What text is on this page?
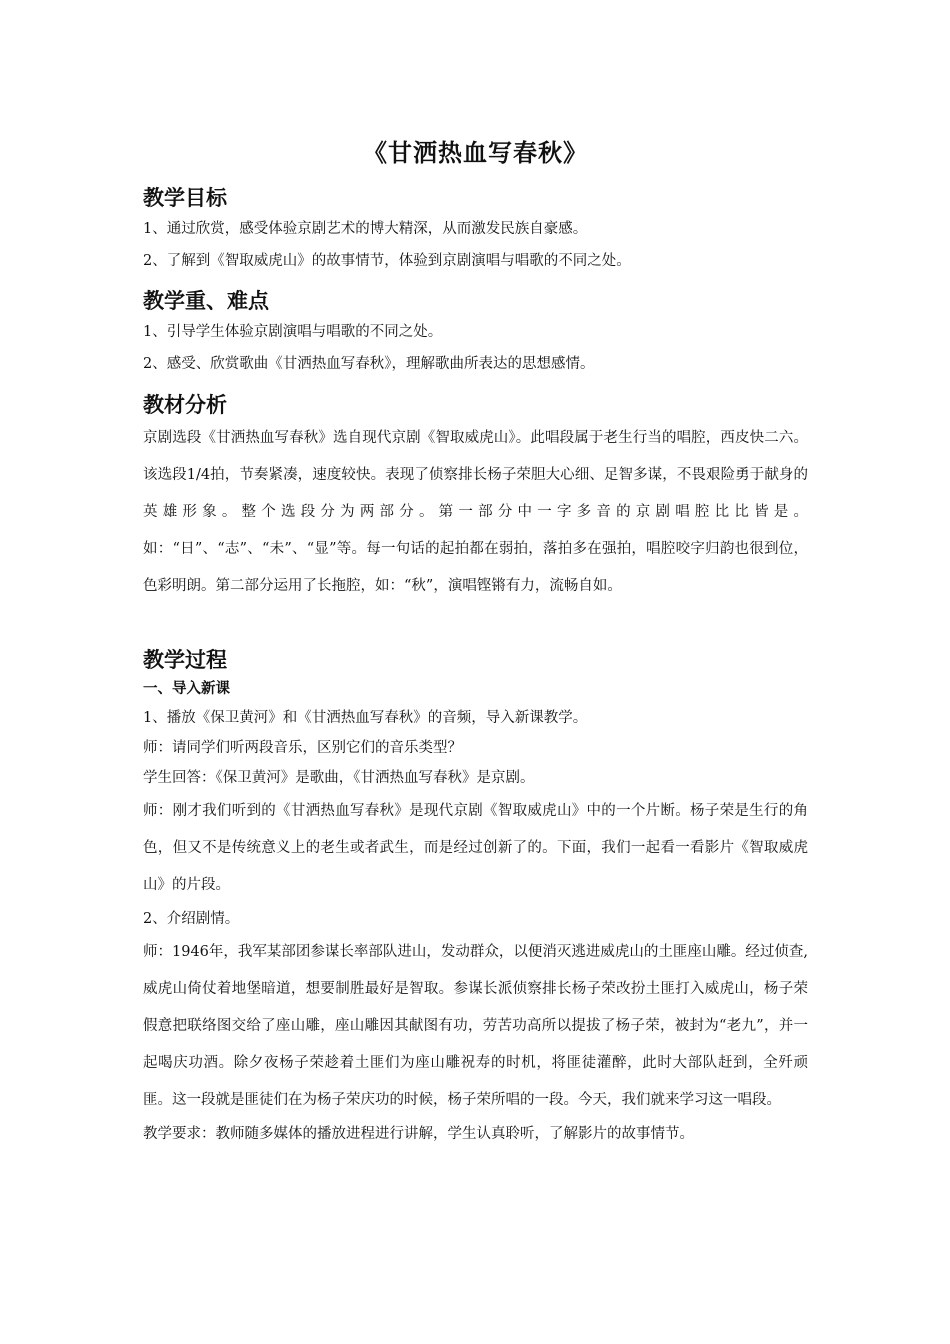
《甘洒热血写春秋》
教学目标

1、通过欣赏，感受体验京剧艺术的博大精深，从而激发民族自豪感。

2、了解到《智取威虎山》的故事情节，体验到京剧演唱与唱歌的不同之处。

教学重、难点

1、引导学生体验京剧演唱与唱歌的不同之处。

2、感受、欣赏歌曲《甘洒热血写春秋》，理解歌曲所表达的思想感情。

教材分析

京剧选段《甘洒热血写春秋》选自现代京剧《智取威虎山》。此唱段属于老生行当的唱腔，西皮快二六。该选段1/4拍，节奏紧凑，速度较快。表现了侦察排长杨子荣胆大心细、足智多谋，不畏艰险勇于献身的英雄形象。整个选段分为两部分。第一部分中一字多音的京剧唱腔比比皆是。如：“日”、“志”、“未”、“显”等。每一句话的起拍都在弱拍，落拍多在强拍，唱腔咬字归韵也很到位，色彩明朗。第二部分运用了长拖腔，如：“秋”，演唱铿锵有力，流畅自如。

教学过程
一、导入新课

1、播放《保卫黄河》和《甘洒热血写春秋》的音频，导入新课教学。

师：请同学们听两段音乐，区别它们的音乐类型？

学生回答：《保卫黄河》是歌曲，《甘洒热血写春秋》是京剧。

师：刚才我们听到的《甘洒热血写春秋》是现代京剧《智取威虎山》中的一个片断。杨子荣是生行的角色，但又不是传统意义上的老生或者武生，而是经过创新了的。下面，我们一起看一看影片《智取威虎山》的片段。

2、介绍剧情。

师：1946年，我军某部团参谋长率部队进山，发动群众，以便消灭逃进威虎山的土匪座山雕。经过侦查,威虎山倚仗着地堡暗道，想要制胜最好是智取。参谋长派侦察排长杨子荣改扮土匪打入威虎山，杨子荣假意把联络图交给了座山雕，座山雕因其献图有功，劳苦功高所以提拔了杨子荣，被封为“老九”，并一起喝庆功酒。除夕夜杨子荣趁着土匪们为座山雕祝寿的时机，将匪徒灌醉，此时大部队赶到，全歼顽匪。这一段就是匪徒们在为杨子荣庆功的时候，杨子荣所唱的一段。今天，我们就来学习这一唱段。

教学要求：教师随多媒体的播放进程进行讲解，学生认真聆听，了解影片的故事情节。
